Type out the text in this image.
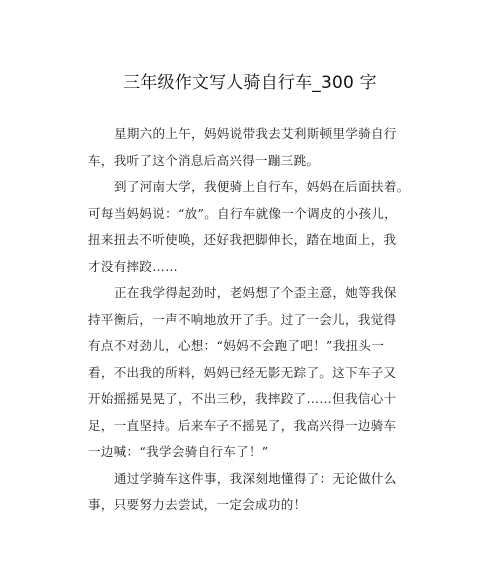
三年级作文写人骑自行车_300 字
星期六的上午，妈妈说带我去艾利斯顿里学骑自行
车，我听了这个消息后高兴得一蹦三跳。
到了河南大学，我便骑上自行车，妈妈在后面扶着。
可每当妈妈说：“放”。自行车就像一个调皮的小孩儿，
扭来扭去不听使唤，还好我把脚伸长，踏在地面上，我
才没有摔跤……
正在我学得起劲时，老妈想了个歪主意，她等我保
持平衡后，一声不响地放开了手。过了一会儿，我觉得
有点不对劲儿，心想：“妈妈不会跑了吧！”我扭头一
看，不出我的所料，妈妈已经无影无踪了。这下车子又
开始摇摇晃晃了，不出三秒，我摔跤了……但我信心十
足，一直坚持。后来车子不摇晃了，我高兴得一边骑车
一边喊：“我学会骑自行车了！”
通过学骑车这件事，我深刻地懂得了：无论做什么
事，只要努力去尝试，一定会成功的！
